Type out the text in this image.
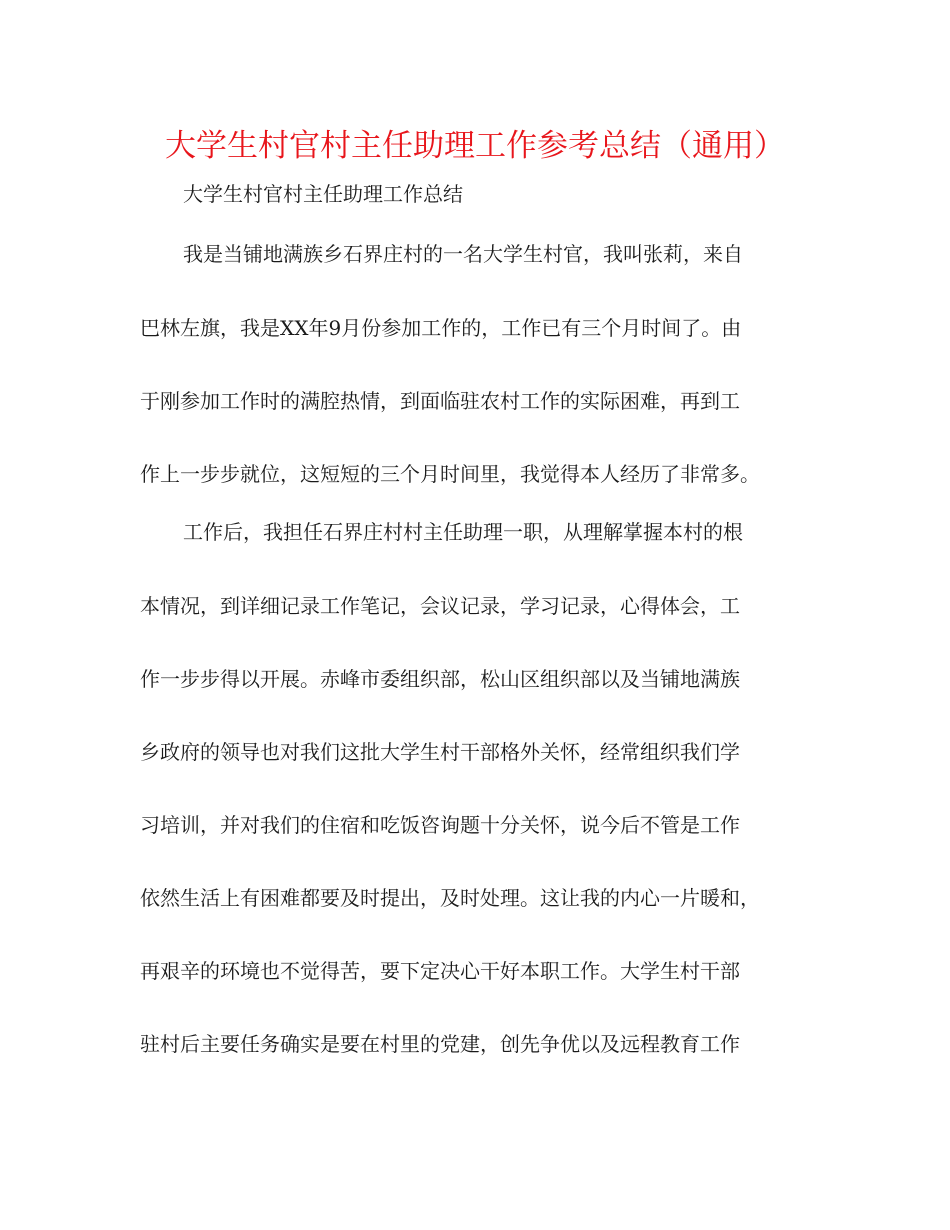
大学生村官村主任助理工作参考总结（通用）
大学生村官村主任助理工作总结
我是当铺地满族乡石界庄村的一名大学生村官，我叫张莉，来自
巴林左旗，我是XX年9月份参加工作的，工作已有三个月时间了。由
于刚参加工作时的满腔热情，到面临驻农村工作的实际困难，再到工
作上一步步就位，这短短的三个月时间里，我觉得本人经历了非常多。
工作后，我担任石界庄村村主任助理一职，从理解掌握本村的根
本情况，到详细记录工作笔记，会议记录，学习记录，心得体会，工
作一步步得以开展。赤峰市委组织部，松山区组织部以及当铺地满族
乡政府的领导也对我们这批大学生村干部格外关怀，经常组织我们学
习培训，并对我们的住宿和吃饭咨询题十分关怀，说今后不管是工作
依然生活上有困难都要及时提出，及时处理。这让我的内心一片暖和，
再艰辛的环境也不觉得苦，要下定决心干好本职工作。大学生村干部
驻村后主要任务确实是要在村里的党建，创先争优以及远程教育工作
